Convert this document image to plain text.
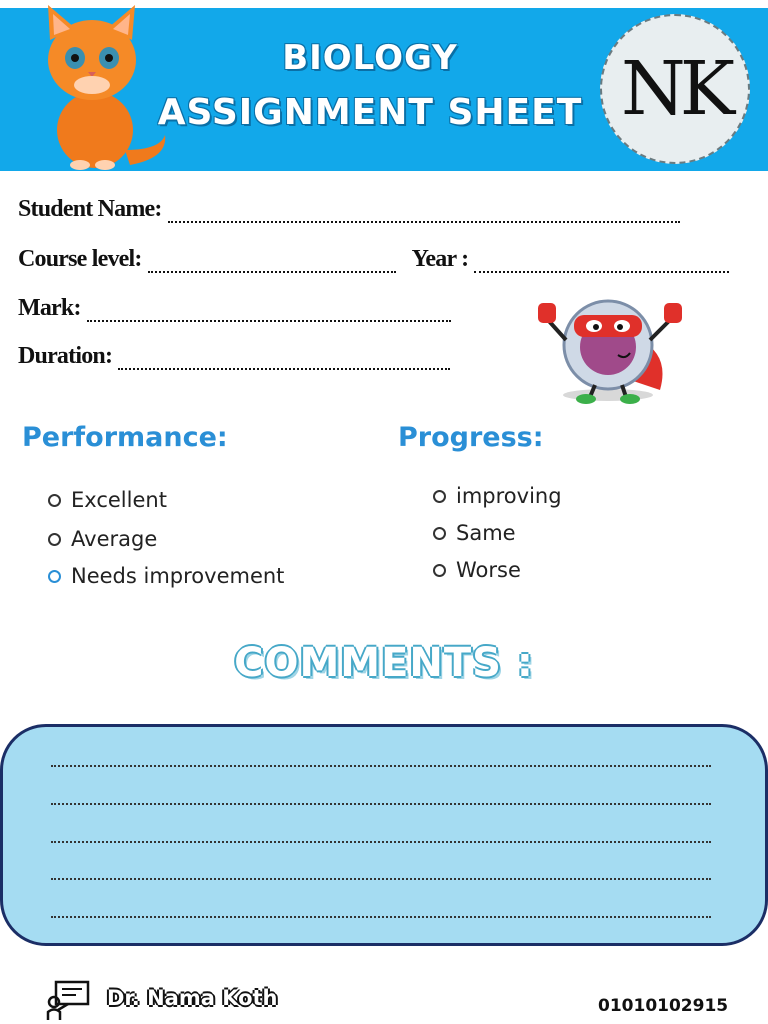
BIOLOGY
ASSIGNMENT SHEET NK
Student Name:
Course level:	Year :
Mark:
Duration:
Performance:
Excellent
Average
Needs improvement
Progress:
improving
Same
Worse
COMMENTS :
Dr. Nama Koth	01010102915
